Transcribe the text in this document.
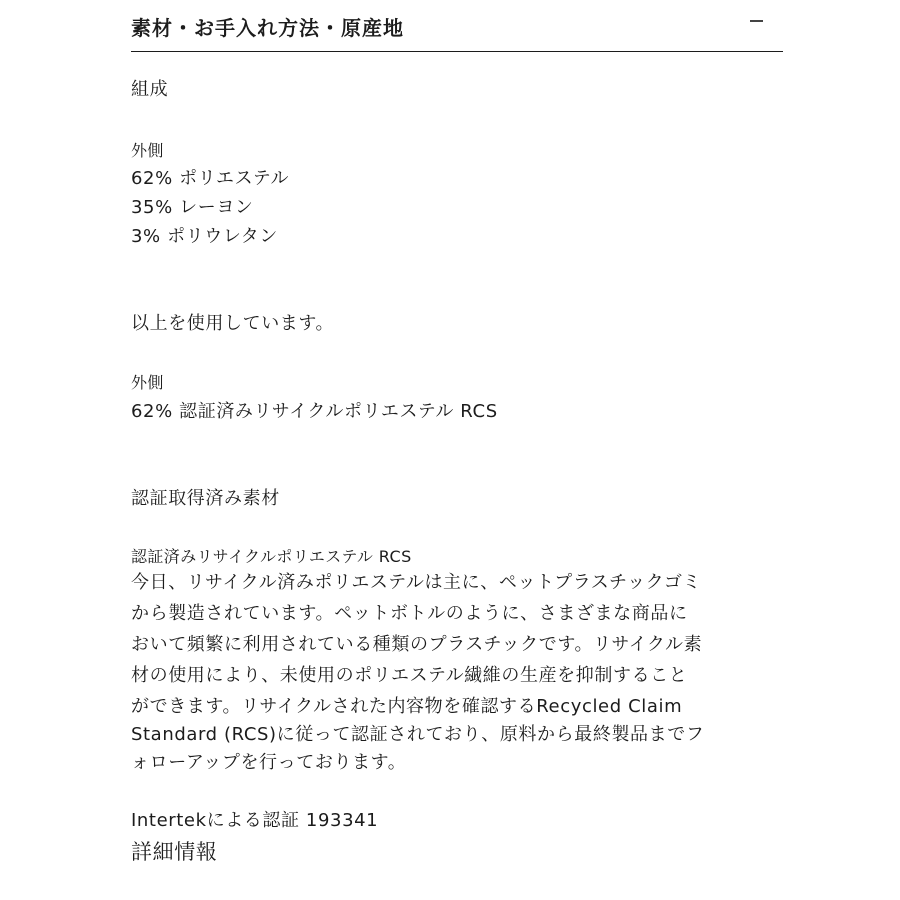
素材・お手入れ方法・原産地
組成
外側
62% ポリエステル
35% レーヨン
3% ポリウレタン
以上を使用しています。
外側
62% 認証済みリサイクルポリエステル RCS
認証取得済み素材
認証済みリサイクルポリエステル RCS
今日、リサイクル済みポリエステルは主に、ペットプラスチックゴミ
から製造されています。ペットボトルのように、さまざまな商品に
おいて頻繁に利用されている種類のプラスチックです。リサイクル素
材の使用により、未使用のポリエステル繊維の生産を抑制すること
ができます。リサイクルされた内容物を確認するRecycled Claim
Standard (RCS)に従って認証されており、原料から最終製品までフ
ォローアップを行っております。
Intertekによる認証 193341
詳細情報
